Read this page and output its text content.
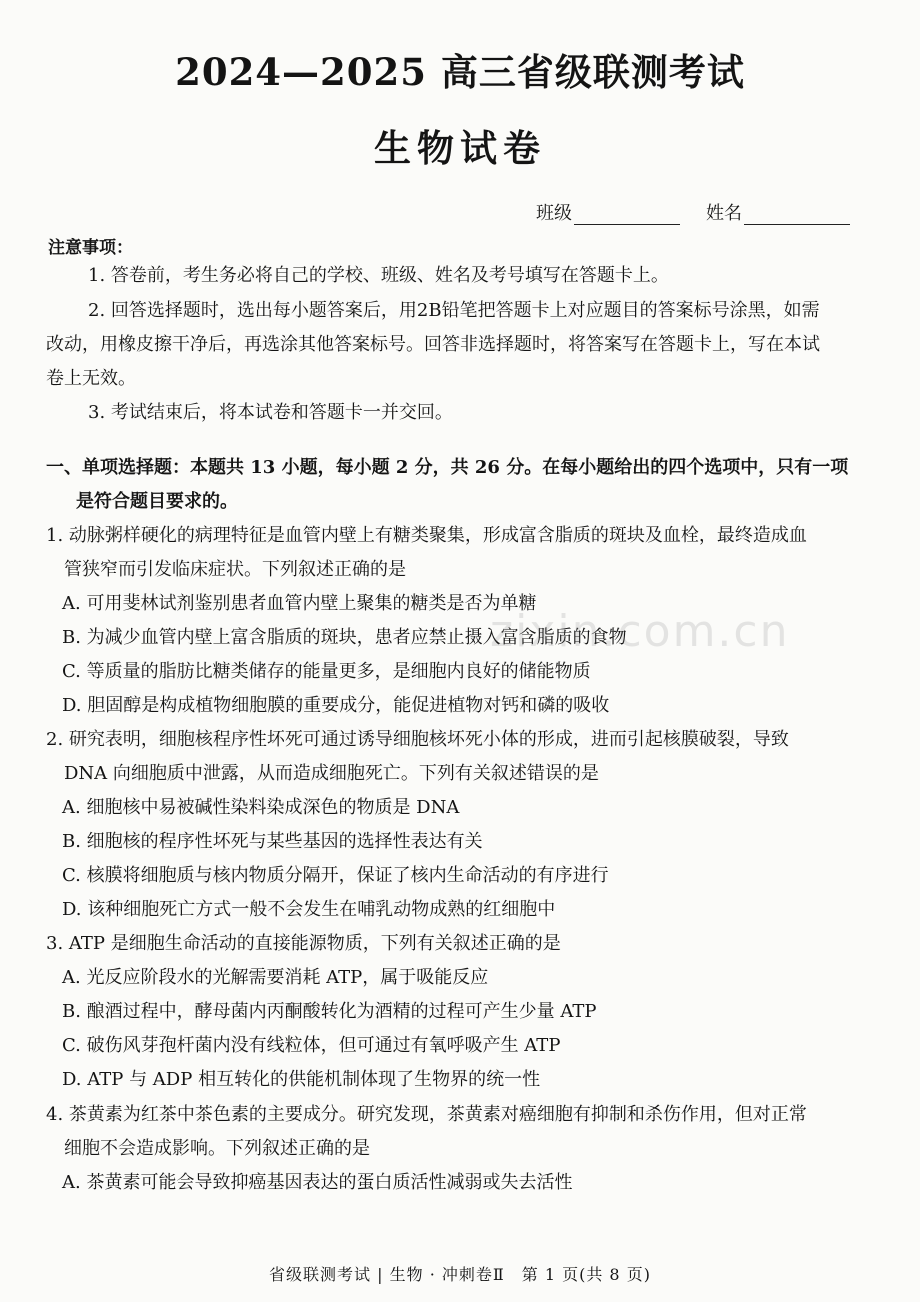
2024—2025 高三省级联测考试
生物试卷
班级	姓名
注意事项：
1. 答卷前，考生务必将自己的学校、班级、姓名及考号填写在答题卡上。
2. 回答选择题时，选出每小题答案后，用2B铅笔把答题卡上对应题目的答案标号涂黑，如需
改动，用橡皮擦干净后，再选涂其他答案标号。回答非选择题时，将答案写在答题卡上，写在本试
卷上无效。
3. 考试结束后，将本试卷和答题卡一并交回。
一、单项选择题：本题共 13 小题，每小题 2 分，共 26 分。在每小题给出的四个选项中，只有一项
是符合题目要求的。
1. 动脉粥样硬化的病理特征是血管内壁上有糖类聚集，形成富含脂质的斑块及血栓，最终造成血
管狭窄而引发临床症状。下列叙述正确的是
A. 可用斐林试剂鉴别患者血管内壁上聚集的糖类是否为单糖
B. 为减少血管内壁上富含脂质的斑块，患者应禁止摄入富含脂质的食物
C. 等质量的脂肪比糖类储存的能量更多，是细胞内良好的储能物质
D. 胆固醇是构成植物细胞膜的重要成分，能促进植物对钙和磷的吸收
2. 研究表明，细胞核程序性坏死可通过诱导细胞核坏死小体的形成，进而引起核膜破裂，导致
DNA 向细胞质中泄露，从而造成细胞死亡。下列有关叙述错误的是
A. 细胞核中易被碱性染料染成深色的物质是 DNA
B. 细胞核的程序性坏死与某些基因的选择性表达有关
C. 核膜将细胞质与核内物质分隔开，保证了核内生命活动的有序进行
D. 该种细胞死亡方式一般不会发生在哺乳动物成熟的红细胞中
3. ATP 是细胞生命活动的直接能源物质，下列有关叙述正确的是
A. 光反应阶段水的光解需要消耗 ATP，属于吸能反应
B. 酿酒过程中，酵母菌内丙酮酸转化为酒精的过程可产生少量 ATP
C. 破伤风芽孢杆菌内没有线粒体，但可通过有氧呼吸产生 ATP
D. ATP 与 ADP 相互转化的供能机制体现了生物界的统一性
4. 茶黄素为红茶中茶色素的主要成分。研究发现，茶黄素对癌细胞有抑制和杀伤作用，但对正常
细胞不会造成影响。下列叙述正确的是
A. 茶黄素可能会导致抑癌基因表达的蛋白质活性减弱或失去活性
zixin.com.cn
省级联测考试 | 生物 · 冲刺卷Ⅱ　第 1 页(共 8 页)
